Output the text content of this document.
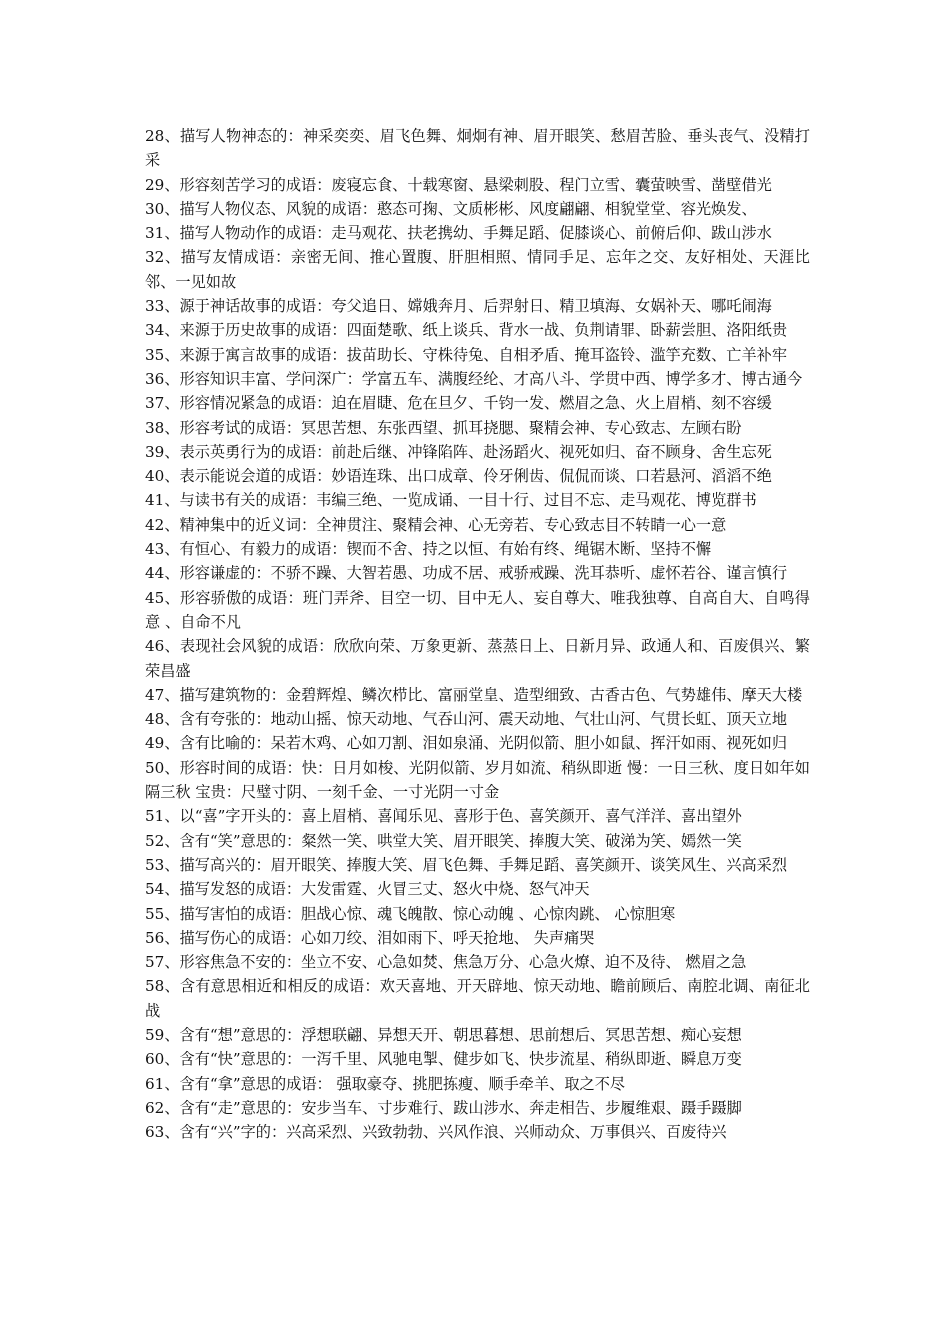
28、描写人物神态的：神采奕奕、眉飞色舞、炯炯有神、眉开眼笑、愁眉苦脸、垂头丧气、没精打采

29、形容刻苦学习的成语：废寝忘食、十载寒窗、悬梁刺股、程门立雪、囊萤映雪、凿壁借光

30、描写人物仪态、风貌的成语：憨态可掬、文质彬彬、风度翩翩、相貌堂堂、容光焕发、

31、描写人物动作的成语：走马观花、扶老携幼、手舞足蹈、促膝谈心、前俯后仰、跋山涉水

32、描写友情成语：亲密无间、推心置腹、肝胆相照、情同手足、忘年之交、友好相处、天涯比邻、一见如故

33、源于神话故事的成语：夸父追日、嫦娥奔月、后羿射日、精卫填海、女娲补天、哪吒闹海

34、来源于历史故事的成语：四面楚歌、纸上谈兵、背水一战、负荆请罪、卧薪尝胆、洛阳纸贵

35、来源于寓言故事的成语：拔苗助长、守株待兔、自相矛盾、掩耳盗铃、滥竽充数、亡羊补牢

36、形容知识丰富、学问深广：学富五车、满腹经纶、才高八斗、学贯中西、博学多才、博古通今

37、形容情况紧急的成语：迫在眉睫、危在旦夕、千钧一发、燃眉之急、火上眉梢、刻不容缓

38、形容考试的成语：冥思苦想、东张西望、抓耳挠腮、聚精会神、专心致志、左顾右盼

39、表示英勇行为的成语：前赴后继、冲锋陷阵、赴汤蹈火、视死如归、奋不顾身、舍生忘死

40、表示能说会道的成语：妙语连珠、出口成章、伶牙俐齿、侃侃而谈、口若悬河、滔滔不绝

41、与读书有关的成语：韦编三绝、一览成诵、一目十行、过目不忘、走马观花、博览群书

42、精神集中的近义词：全神贯注、聚精会神、心无旁若、专心致志目不转睛一心一意

43、有恒心、有毅力的成语：锲而不舍、持之以恒、有始有终、绳锯木断、坚持不懈

44、形容谦虚的：不骄不躁、大智若愚、功成不居、戒骄戒躁、洗耳恭听、虚怀若谷、谨言慎行

45、形容骄傲的成语：班门弄斧、目空一切、目中无人、妄自尊大、唯我独尊、自高自大、自鸣得意 、自命不凡

46、表现社会风貌的成语：欣欣向荣、万象更新、蒸蒸日上、日新月异、政通人和、百废俱兴、繁荣昌盛

47、描写建筑物的：金碧辉煌、鳞次栉比、富丽堂皇、造型细致、古香古色、气势雄伟、摩天大楼

48、含有夸张的：地动山摇、惊天动地、气吞山河、震天动地、气壮山河、气贯长虹、顶天立地

49、含有比喻的：呆若木鸡、心如刀割、泪如泉涌、光阴似箭、胆小如鼠、挥汗如雨、视死如归

50、形容时间的成语：快：日月如梭、光阴似箭、岁月如流、稍纵即逝 慢：一日三秋、度日如年如隔三秋 宝贵：尺璧寸阴、一刻千金、一寸光阴一寸金

51、以“喜”字开头的：喜上眉梢、喜闻乐见、喜形于色、喜笑颜开、喜气洋洋、喜出望外

52、含有“笑”意思的：粲然一笑、哄堂大笑、眉开眼笑、捧腹大笑、破涕为笑、嫣然一笑

53、描写高兴的：眉开眼笑、捧腹大笑、眉飞色舞、手舞足蹈、喜笑颜开、谈笑风生、兴高采烈

54、描写发怒的成语：大发雷霆、火冒三丈、怒火中烧、怒气冲天

55、描写害怕的成语：胆战心惊、魂飞魄散、惊心动魄 、心惊肉跳、 心惊胆寒

56、描写伤心的成语：心如刀绞、泪如雨下、呼天抢地、 失声痛哭

57、形容焦急不安的：坐立不安、心急如焚、焦急万分、心急火燎、迫不及待、 燃眉之急

58、含有意思相近和相反的成语：欢天喜地、开天辟地、惊天动地、瞻前顾后、南腔北调、南征北战

59、含有“想”意思的：浮想联翩、异想天开、朝思暮想、思前想后、冥思苦想、痴心妄想

60、含有“快”意思的：一泻千里、风驰电掣、健步如飞、快步流星、稍纵即逝、瞬息万变

61、含有“拿”意思的成语： 强取豪夺、挑肥拣瘦、顺手牵羊、取之不尽

62、含有“走”意思的：安步当车、寸步难行、跋山涉水、奔走相告、步履维艰、蹑手蹑脚

63、含有“兴”字的：兴高采烈、兴致勃勃、兴风作浪、兴师动众、万事俱兴、百废待兴
